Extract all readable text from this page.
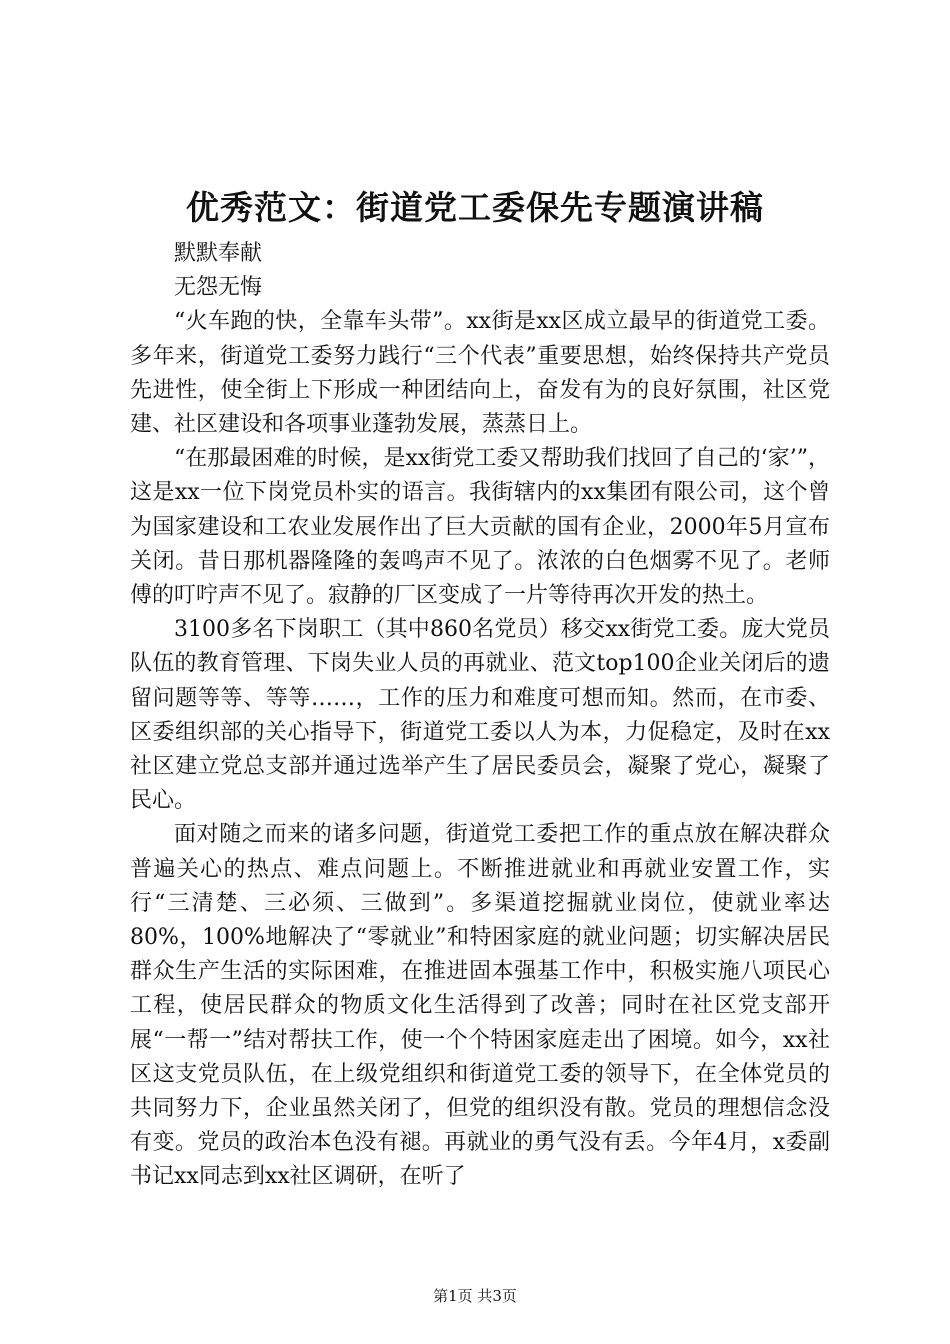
优秀范文：街道党工委保先专题演讲稿

默默奉献

无怨无悔

“火车跑的快，全靠车头带”。xx街是xx区成立最早的街道党工委。多年来，街道党工委努力践行“三个代表”重要思想，始终保持共产党员先进性，使全街上下形成一种团结向上，奋发有为的良好氛围，社区党建、社区建设和各项事业蓬勃发展，蒸蒸日上。

“在那最困难的时候，是xx街党工委又帮助我们找回了自己的‘家’”，这是xx一位下岗党员朴实的语言。我街辖内的xx集团有限公司，这个曾为国家建设和工农业发展作出了巨大贡献的国有企业，2000年5月宣布关闭。昔日那机器隆隆的轰鸣声不见了。浓浓的白色烟雾不见了。老师傅的叮咛声不见了。寂静的厂区变成了一片等待再次开发的热土。

3100多名下岗职工（其中860名党员）移交xx街党工委。庞大党员队伍的教育管理、下岗失业人员的再就业、范文top100企业关闭后的遗留问题等等、等等……，工作的压力和难度可想而知。然而，在市委、区委组织部的关心指导下，街道党工委以人为本，力促稳定，及时在xx社区建立党总支部并通过选举产生了居民委员会，凝聚了党心，凝聚了民心。

面对随之而来的诸多问题，街道党工委把工作的重点放在解决群众普遍关心的热点、难点问题上。不断推进就业和再就业安置工作，实行“三清楚、三必须、三做到”。多渠道挖掘就业岗位，使就业率达80%，100%地解决了“零就业”和特困家庭的就业问题；切实解决居民群众生产生活的实际困难，在推进固本强基工作中，积极实施八项民心工程，使居民群众的物质文化生活得到了改善；同时在社区党支部开展“一帮一”结对帮扶工作，使一个个特困家庭走出了困境。如今，xx社区这支党员队伍，在上级党组织和街道党工委的领导下，在全体党员的共同努力下，企业虽然关闭了，但党的组织没有散。党员的理想信念没有变。党员的政治本色没有褪。再就业的勇气没有丢。今年4月，x委副书记xx同志到xx社区调研，在听了

第1页 共3页
